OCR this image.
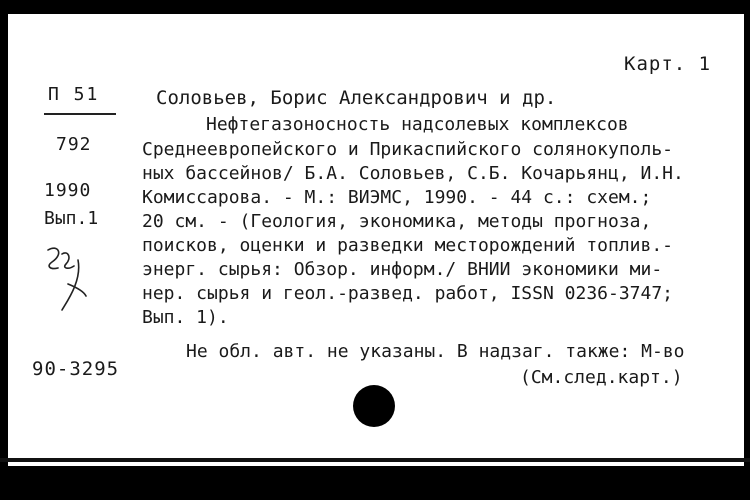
Карт. 1
П 51
792
1990
Вып.1
90-3295
Соловьев, Борис Александрович и др.
Нефтегазоносность надсолевых комплексов
Среднеевропейского и Прикаспийского солянокуполь-
ных бассейнов/ Б.А. Соловьев, С.Б. Кочарьянц, И.Н.
Комиссарова. - М.: ВИЭМС, 1990. - 44 с.: схем.;
20 см. - (Геология, экономика, методы прогноза,
поисков, оценки и разведки месторождений топлив.-
энерг. сырья: Обзор. информ./ ВНИИ экономики ми-
нер. сырья и геол.-развед. работ, ISSN 0236-3747;
Вып. 1).
Не обл. авт. не указаны. В надзаг. также: М-во
(См.след.карт.)
